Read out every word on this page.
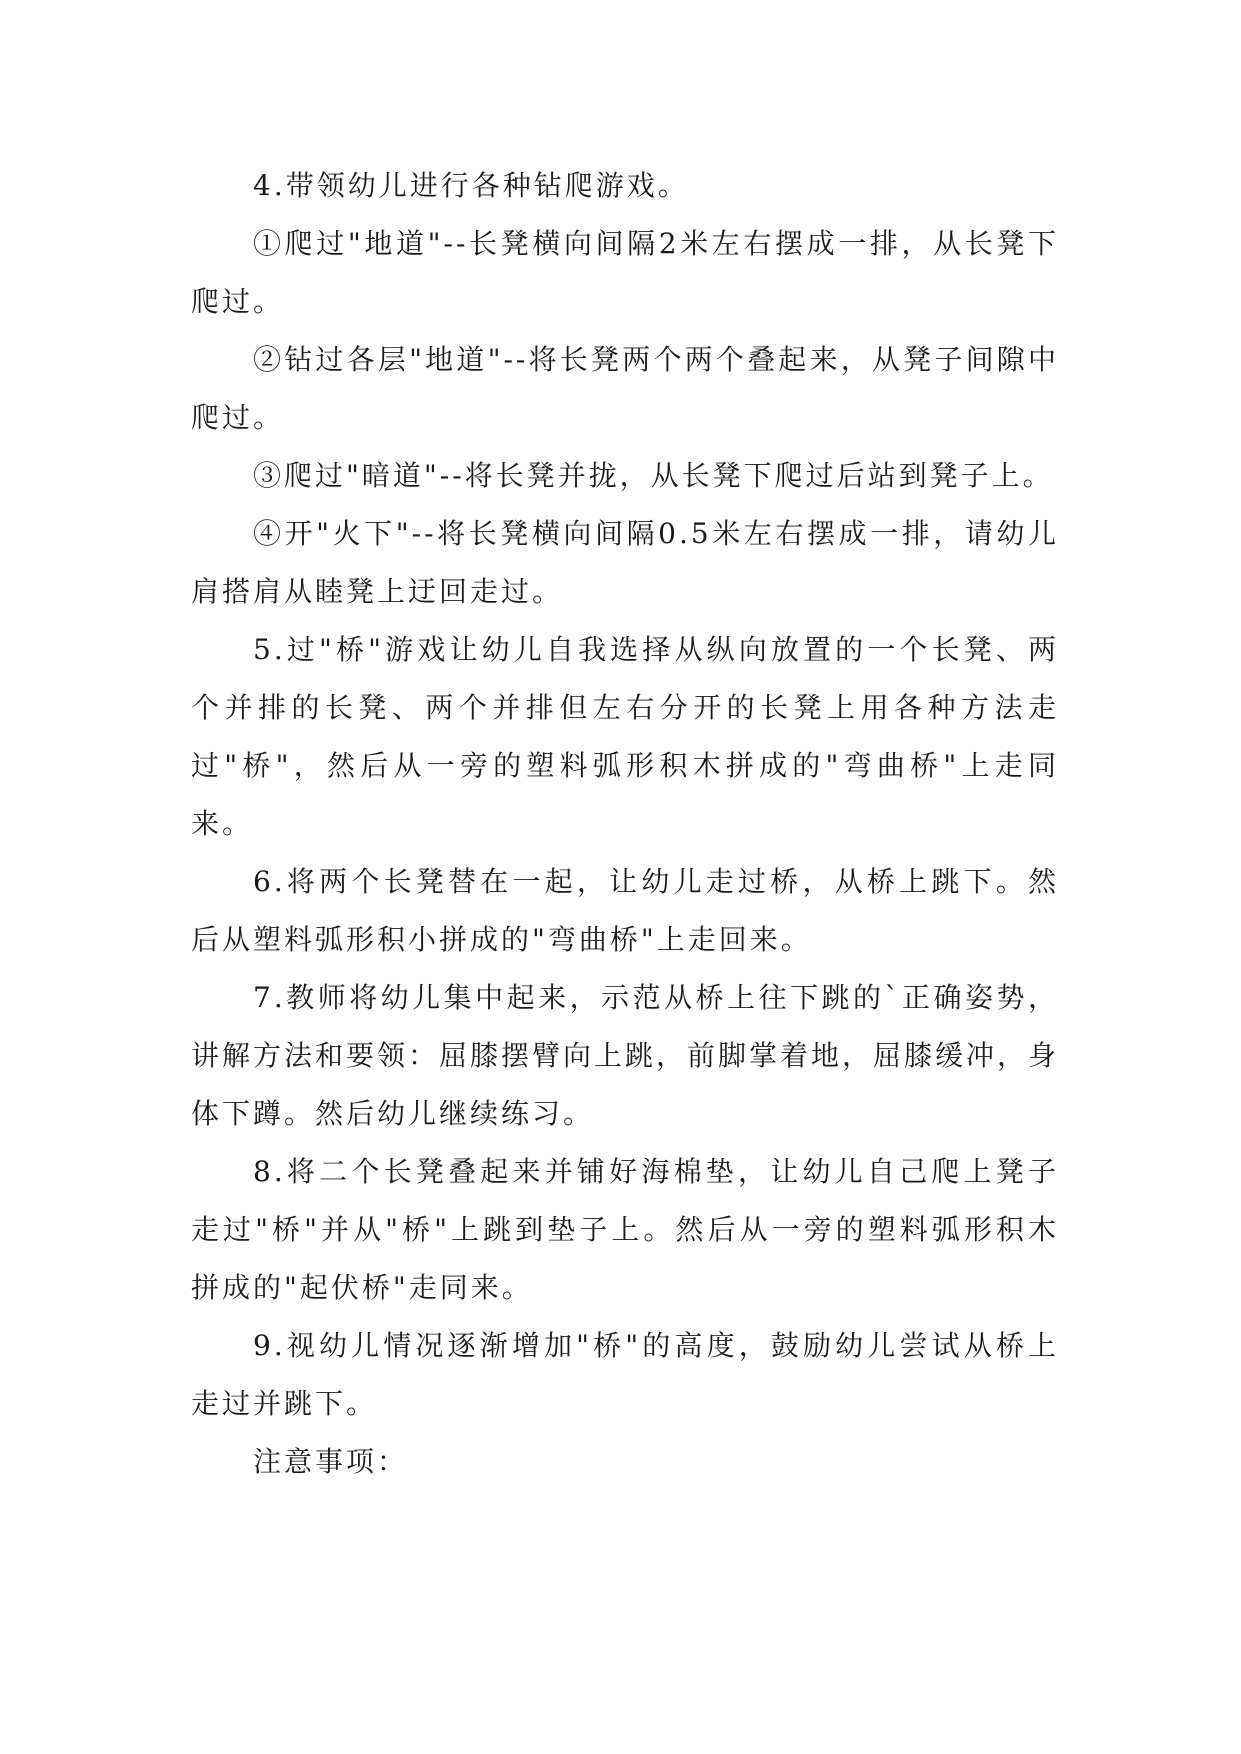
4.带领幼儿进行各种钻爬游戏。

①爬过"地道"--长凳横向间隔2米左右摆成一排，从长凳下爬过。

②钻过各层"地道"--将长凳两个两个叠起来，从凳子间隙中爬过。

③爬过"暗道"--将长凳并拢，从长凳下爬过后站到凳子上。

④开"火下"--将长凳横向间隔0.5米左右摆成一排，请幼儿肩搭肩从睦凳上迂回走过。

5.过"桥"游戏让幼儿自我选择从纵向放置的一个长凳、两个并排的长凳、两个并排但左右分开的长凳上用各种方法走过"桥"，然后从一旁的塑料弧形积木拼成的"弯曲桥"上走同来。

6.将两个长凳替在一起，让幼儿走过桥，从桥上跳下。然后从塑料弧形积小拼成的"弯曲桥"上走回来。

7.教师将幼儿集中起来，示范从桥上往下跳的`正确姿势，讲解方法和要领：屈膝摆臂向上跳，前脚掌着地，屈膝缓冲，身体下蹲。然后幼儿继续练习。

8.将二个长凳叠起来并铺好海棉垫，让幼儿自己爬上凳子走过"桥"并从"桥"上跳到垫子上。然后从一旁的塑料弧形积木拼成的"起伏桥"走同来。

9.视幼儿情况逐渐增加"桥"的高度，鼓励幼儿尝试从桥上走过并跳下。

注意事项：
